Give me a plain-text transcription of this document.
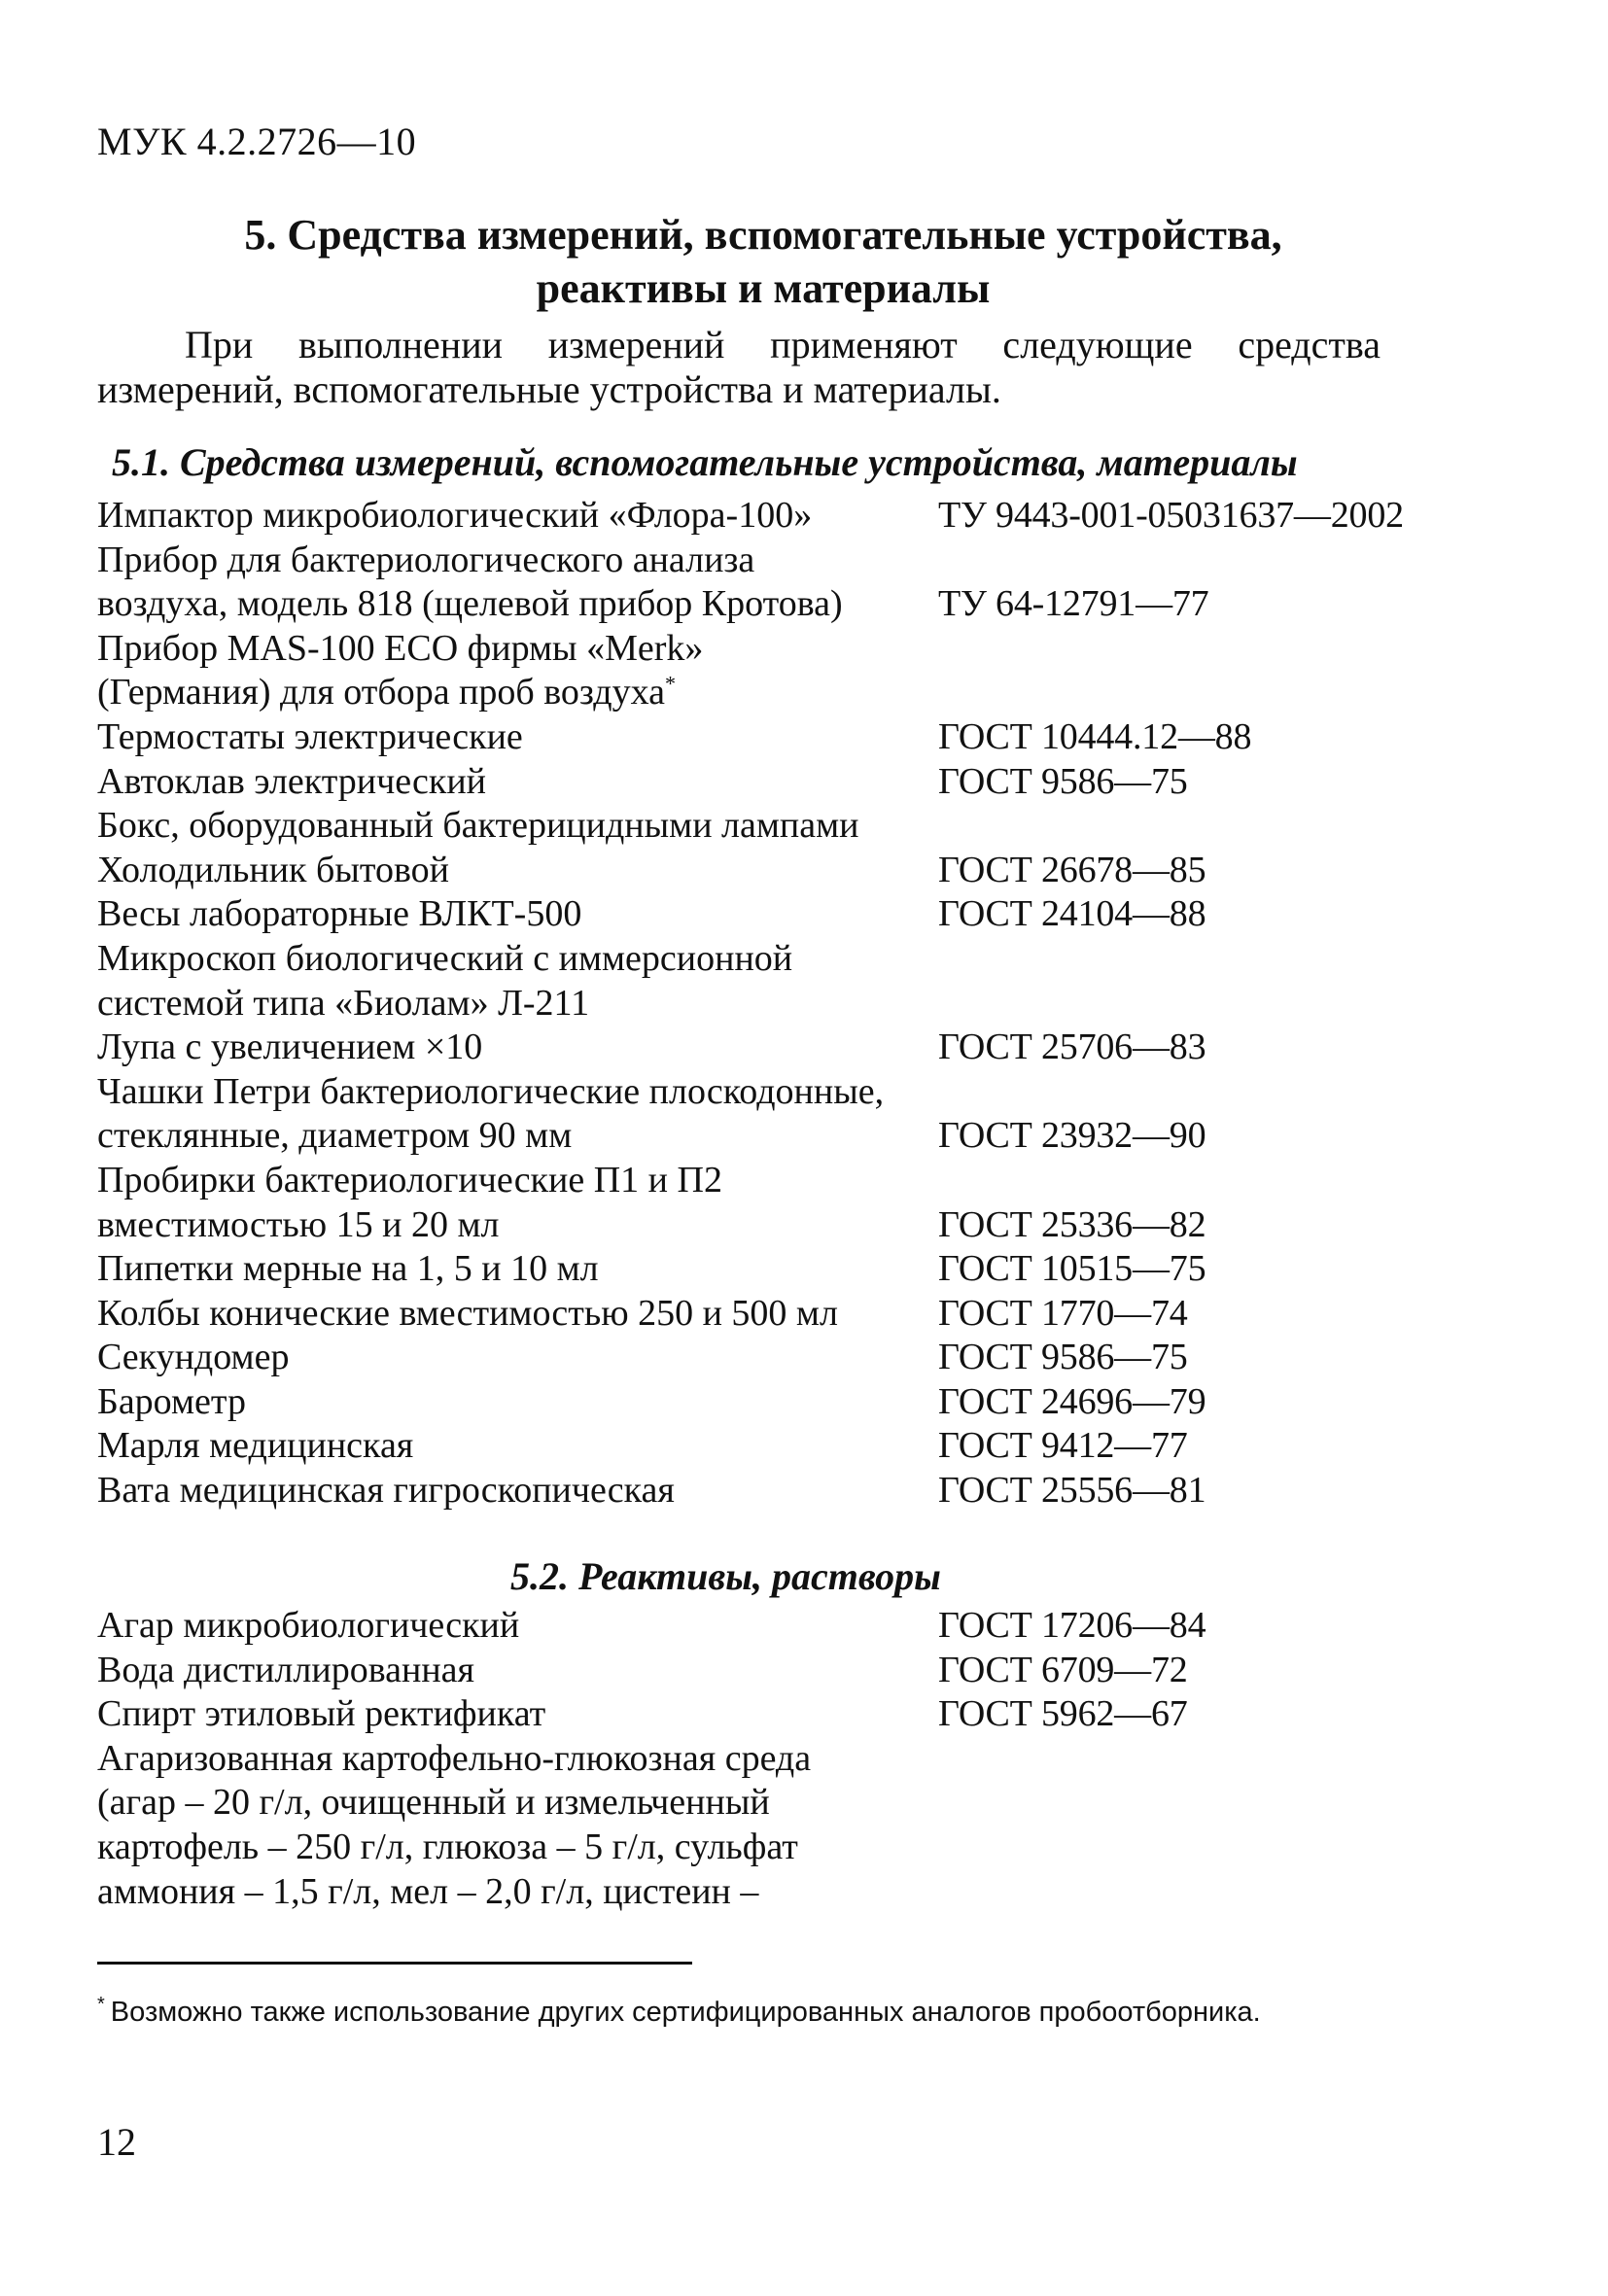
МУК 4.2.2726—10
5. Средства измерений, вспомогательные устройства,
реактивы и материалы
При выполнении измерений применяют следующие средства измерений, вспомогательные устройства и материалы.
5.1. Средства измерений, вспомогательные устройства, материалы
Импактор микробиологический «Флора-100»	ТУ 9443-001-05031637—2002
Прибор для бактериологического анализа
воздуха, модель 818 (щелевой прибор Кротова)	ТУ 64-12791—77
Прибор MAS-100 ECO фирмы «Merk»
(Германия) для отбора проб воздуха*
Термостаты электрические	ГОСТ 10444.12—88
Автоклав электрический	ГОСТ 9586—75
Бокс, оборудованный бактерицидными лампами
Холодильник бытовой	ГОСТ 26678—85
Весы лабораторные ВЛКТ-500	ГОСТ 24104—88
Микроскоп биологический с иммерсионной
системой типа «Биолам» Л-211
Лупа с увеличением ×10	ГОСТ 25706—83
Чашки Петри бактериологические плоскодонные,
стеклянные, диаметром 90 мм	ГОСТ 23932—90
Пробирки бактериологические П1 и П2
вместимостью 15 и 20 мл	ГОСТ 25336—82
Пипетки мерные на 1, 5 и 10 мл	ГОСТ 10515—75
Колбы конические вместимостью 250 и 500 мл	ГОСТ 1770—74
Секундомер	ГОСТ 9586—75
Барометр	ГОСТ 24696—79
Марля медицинская	ГОСТ 9412—77
Вата медицинская гигроскопическая	ГОСТ 25556—81
5.2. Реактивы, растворы
Агар микробиологический	ГОСТ 17206—84
Вода дистиллированная	ГОСТ 6709—72
Спирт этиловый ректификат	ГОСТ 5962—67
Агаризованная картофельно-глюкозная среда
(агар – 20 г/л, очищенный и измельченный
картофель – 250 г/л, глюкоза – 5 г/л, сульфат
аммония – 1,5 г/л, мел – 2,0 г/л, цистеин –
* Возможно также использование других сертифицированных аналогов пробоотборника.
12
